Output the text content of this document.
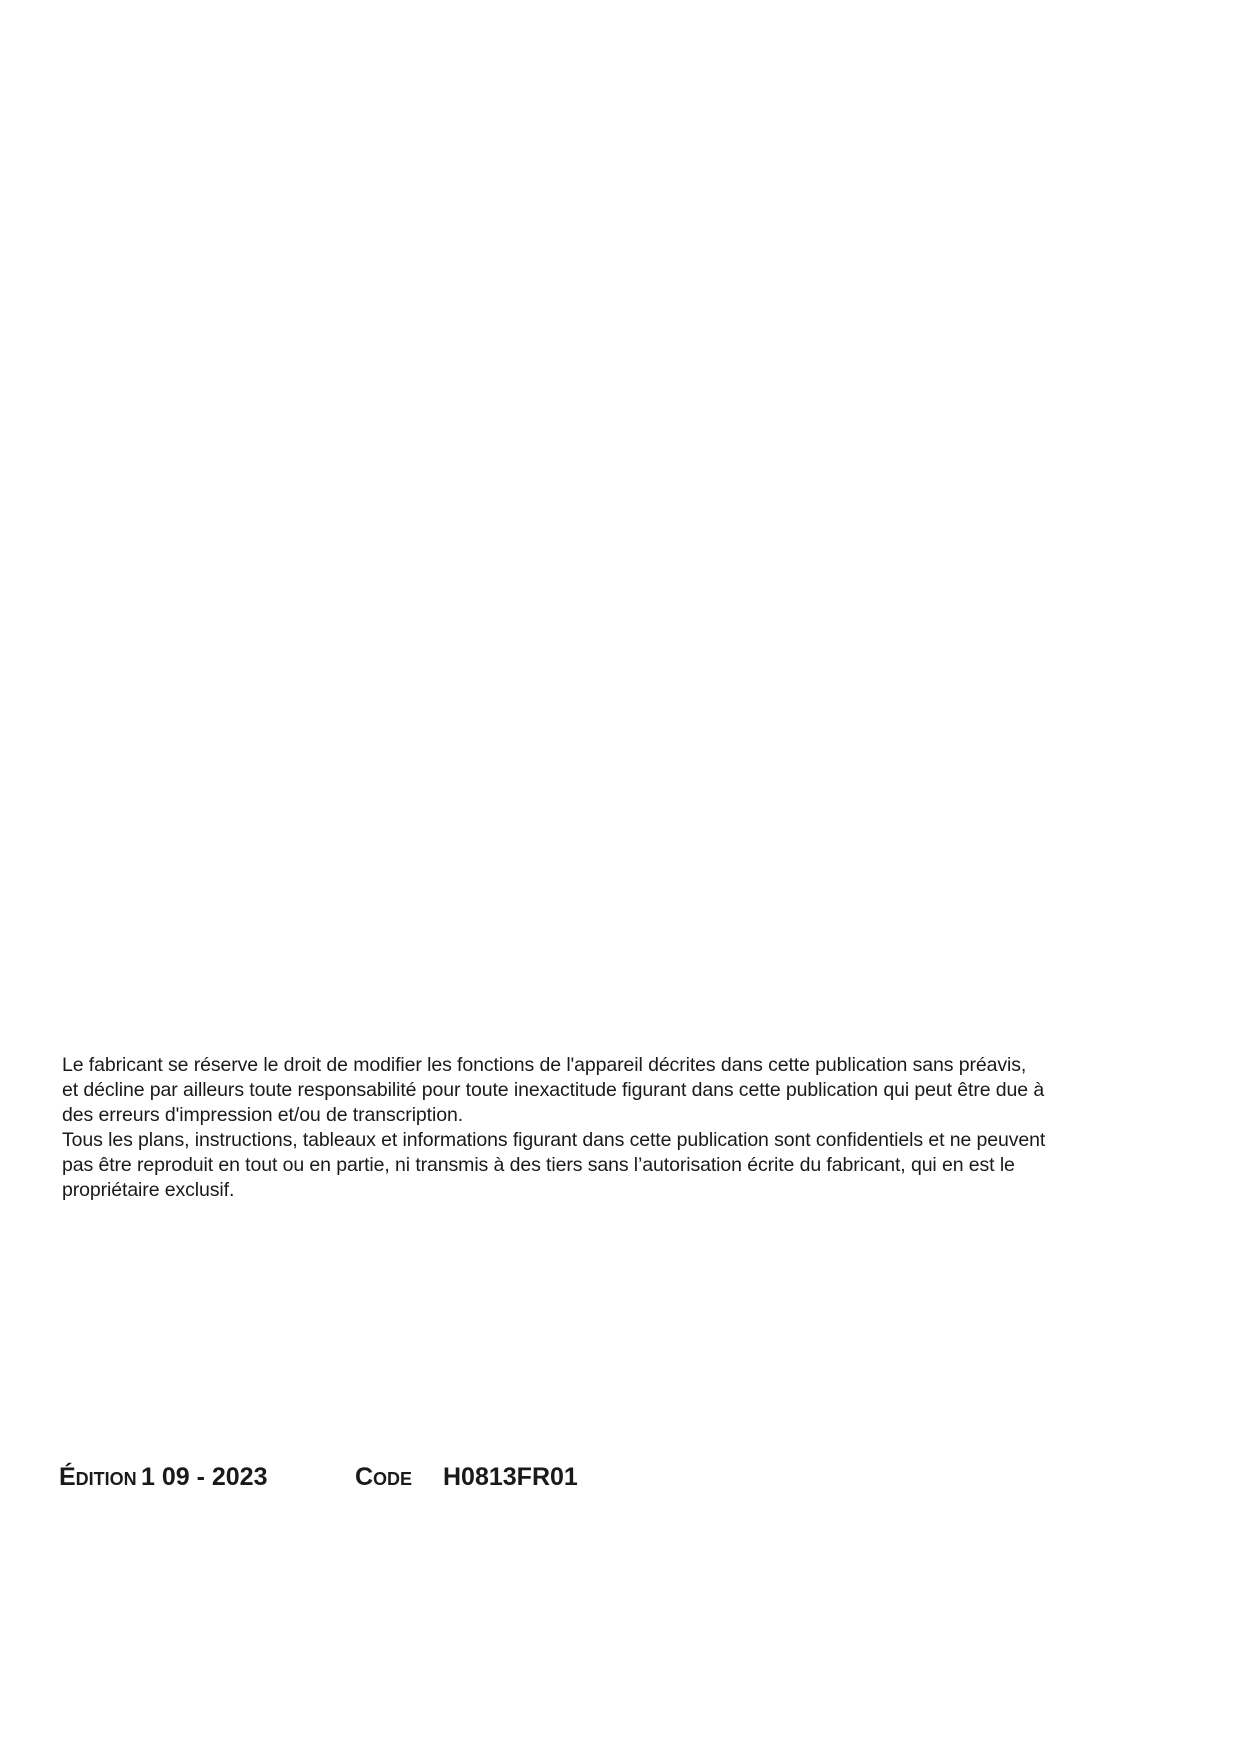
Le fabricant se réserve le droit de modifier les fonctions de l'appareil décrites dans cette publication sans préavis,
et décline par ailleurs toute responsabilité pour toute inexactitude figurant dans cette publication qui peut être due à
des erreurs d'impression et/ou de transcription.

Tous les plans, instructions, tableaux et informations figurant dans cette publication sont confidentiels et ne peuvent
pas être reproduit en tout ou en partie, ni transmis à des tiers sans l’autorisation écrite du fabricant, qui en est le
propriétaire exclusif.

Édition 1 09 - 2023	Code H0813FR01
